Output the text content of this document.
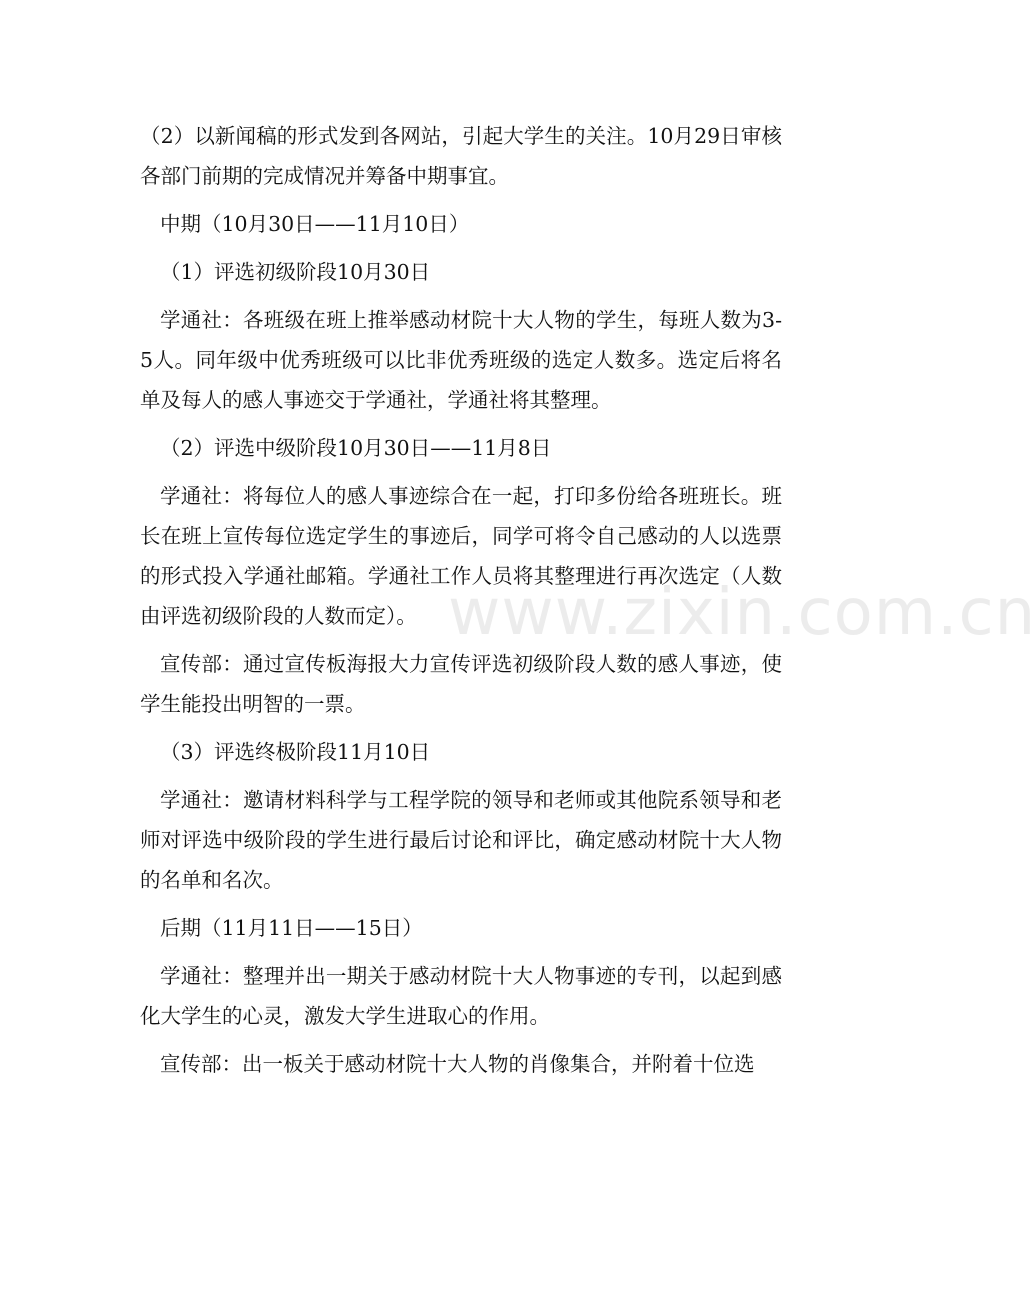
（2）以新闻稿的形式发到各网站，引起大学生的关注。10月29日审核各部门前期的完成情况并筹备中期事宜。

中期（10月30日——11月10日）

（1）评选初级阶段10月30日

学通社：各班级在班上推举感动材院十大人物的学生，每班人数为3-5人。同年级中优秀班级可以比非优秀班级的选定人数多。选定后将名单及每人的感人事迹交于学通社，学通社将其整理。

（2）评选中级阶段10月30日——11月8日

学通社：将每位人的感人事迹综合在一起，打印多份给各班班长。班长在班上宣传每位选定学生的事迹后，同学可将令自己感动的人以选票的形式投入学通社邮箱。学通社工作人员将其整理进行再次选定（人数由评选初级阶段的人数而定）。

宣传部：通过宣传板海报大力宣传评选初级阶段人数的感人事迹，使学生能投出明智的一票。

（3）评选终极阶段11月10日

学通社：邀请材料科学与工程学院的领导和老师或其他院系领导和老师对评选中级阶段的学生进行最后讨论和评比，确定感动材院十大人物的名单和名次。

后期（11月11日——15日）

学通社：整理并出一期关于感动材院十大人物事迹的专刊，以起到感化大学生的心灵，激发大学生进取心的作用。

宣传部：出一板关于感动材院十大人物的肖像集合，并附着十位选

www.zixin.com.cn
